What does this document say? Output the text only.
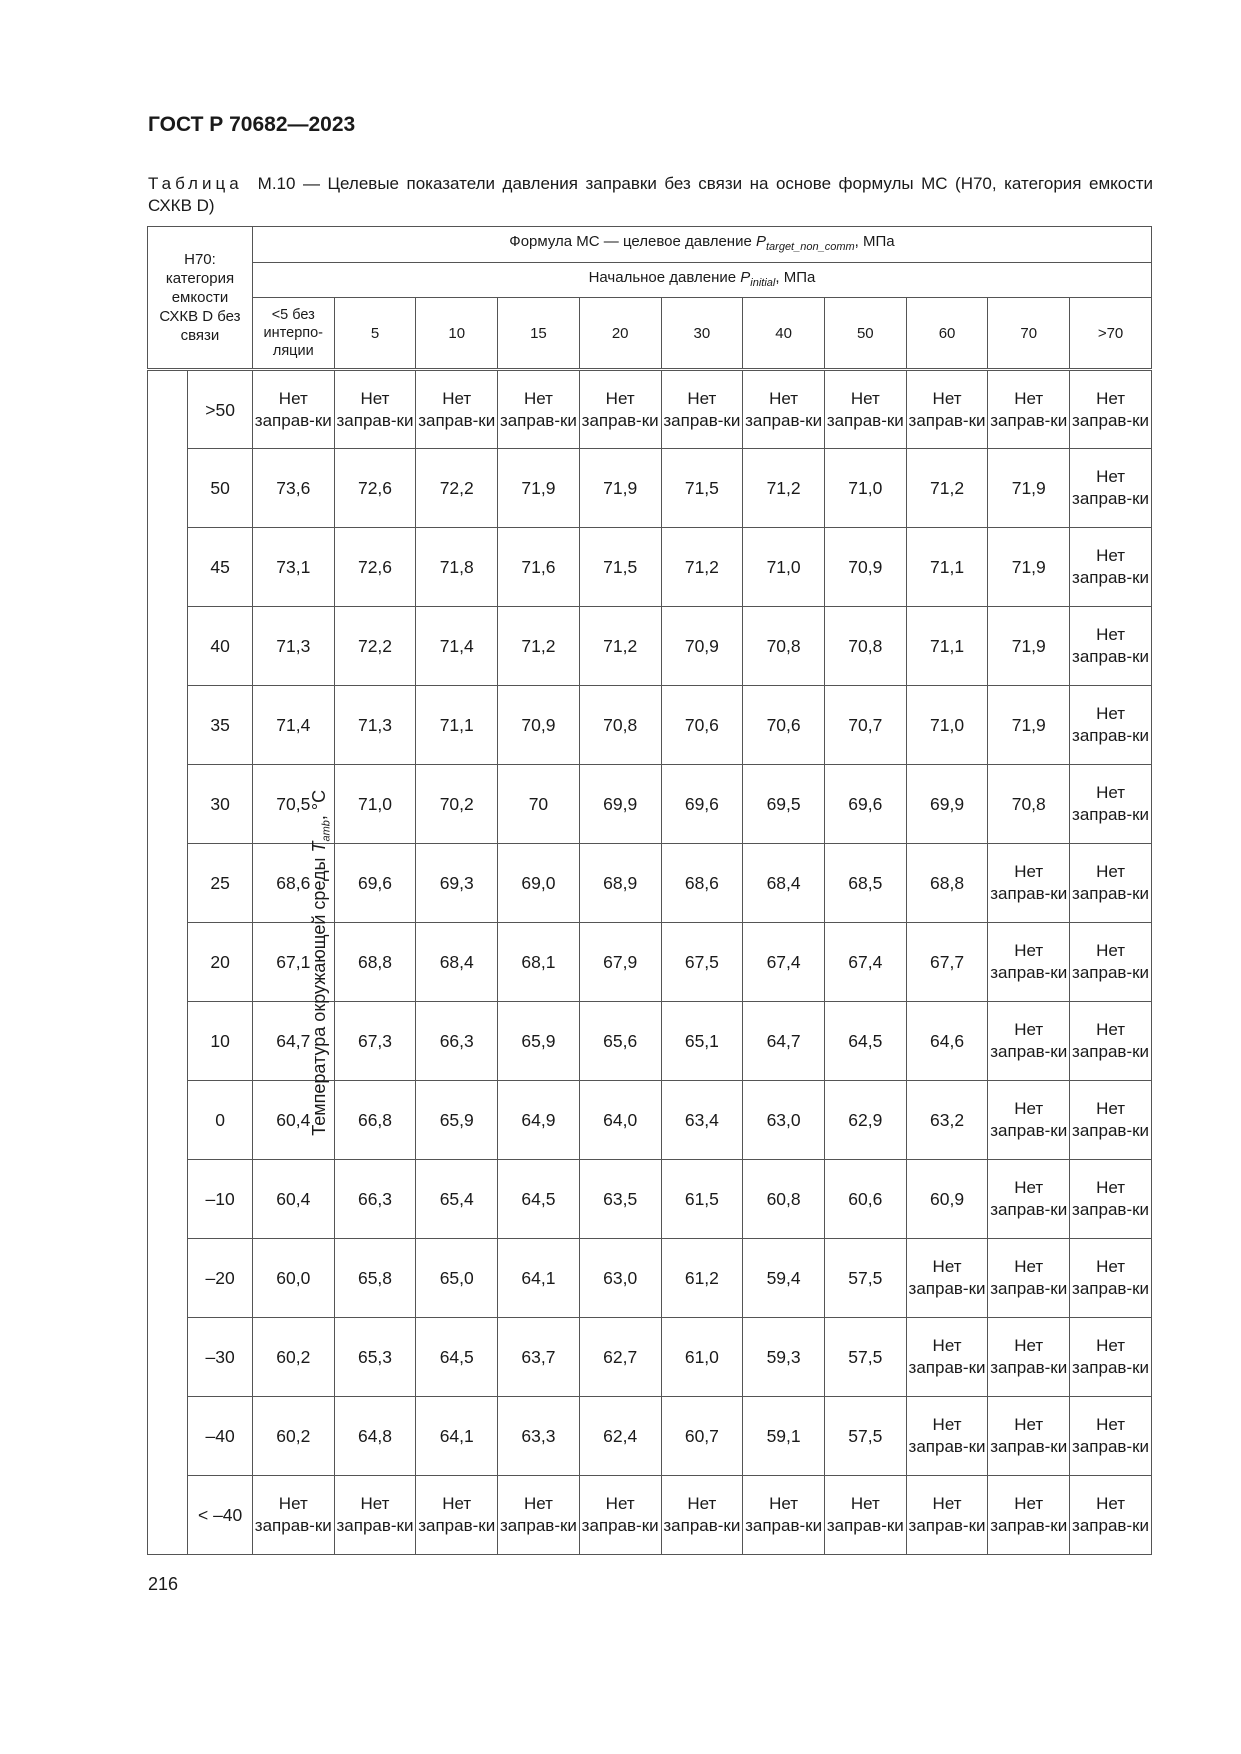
ГОСТ Р 70682—2023
Таблица М.10 — Целевые показатели давления заправки без связи на основе формулы МС (H70, категория емкости СХКВ D)
Н70: категория емкости СХКВ D без связи		Формула МС — целевое давление $P_{target\_non\_comm}$, МПа										
		Начальное давление $P_{initial}$, МПа										
		<5 без интерпо-ляции	5	10	15	20	30	40	50	60	70	>70
Температура окружающей среды $T_{amb}$, °С	>50	Нет заправ-ки	Нет заправ-ки	Нет заправ-ки	Нет заправ-ки	Нет заправ-ки	Нет заправ-ки	Нет заправ-ки	Нет заправ-ки	Нет заправ-ки	Нет заправ-ки	Нет заправ-ки
	50	73,6	72,6	72,2	71,9	71,9	71,5	71,2	71,0	71,2	71,9	Нет заправ-ки
	45	73,1	72,6	71,8	71,6	71,5	71,2	71,0	70,9	71,1	71,9	Нет заправ-ки
	40	71,3	72,2	71,4	71,2	71,2	70,9	70,8	70,8	71,1	71,9	Нет заправ-ки
	35	71,4	71,3	71,1	70,9	70,8	70,6	70,6	70,7	71,0	71,9	Нет заправ-ки
	30	70,5	71,0	70,2	70	69,9	69,6	69,5	69,6	69,9	70,8	Нет заправ-ки
	25	68,6	69,6	69,3	69,0	68,9	68,6	68,4	68,5	68,8	Нет заправ-ки	Нет заправ-ки
	20	67,1	68,8	68,4	68,1	67,9	67,5	67,4	67,4	67,7	Нет заправ-ки	Нет заправ-ки
	10	64,7	67,3	66,3	65,9	65,6	65,1	64,7	64,5	64,6	Нет заправ-ки	Нет заправ-ки
	0	60,4	66,8	65,9	64,9	64,0	63,4	63,0	62,9	63,2	Нет заправ-ки	Нет заправ-ки
	–10	60,4	66,3	65,4	64,5	63,5	61,5	60,8	60,6	60,9	Нет заправ-ки	Нет заправ-ки
	–20	60,0	65,8	65,0	64,1	63,0	61,2	59,4	57,5	Нет заправ-ки	Нет заправ-ки	Нет заправ-ки
	–30	60,2	65,3	64,5	63,7	62,7	61,0	59,3	57,5	Нет заправ-ки	Нет заправ-ки	Нет заправ-ки
	–40	60,2	64,8	64,1	63,3	62,4	60,7	59,1	57,5	Нет заправ-ки	Нет заправ-ки	Нет заправ-ки
	< –40	Нет заправ-ки	Нет заправ-ки	Нет заправ-ки	Нет заправ-ки	Нет заправ-ки	Нет заправ-ки	Нет заправ-ки	Нет заправ-ки	Нет заправ-ки	Нет заправ-ки	Нет заправ-ки
216
